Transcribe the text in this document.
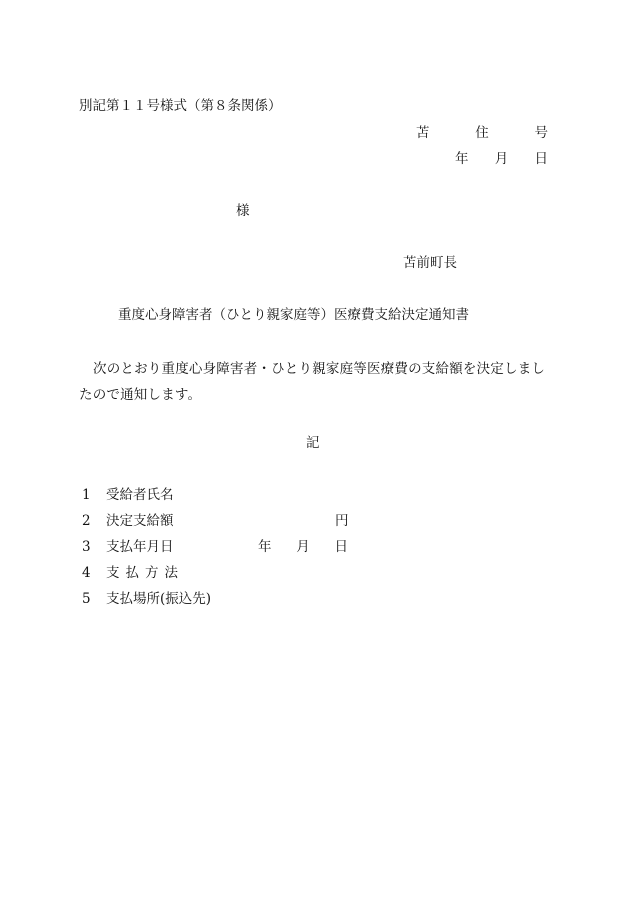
別記第１１号様式（第８条関係）
苫	住	号
年 月 日
様
苫前町長
重度心身障害者（ひとり親家庭等）医療費支給決定通知書
次のとおり重度心身障害者・ひとり親家庭等医療費の支給額を決定しましたので通知します。
記
1 受給者氏名
2 決定支給額	円
3 支払年月日	年 月 日
4 支払方法
5 支払場所(振込先)
